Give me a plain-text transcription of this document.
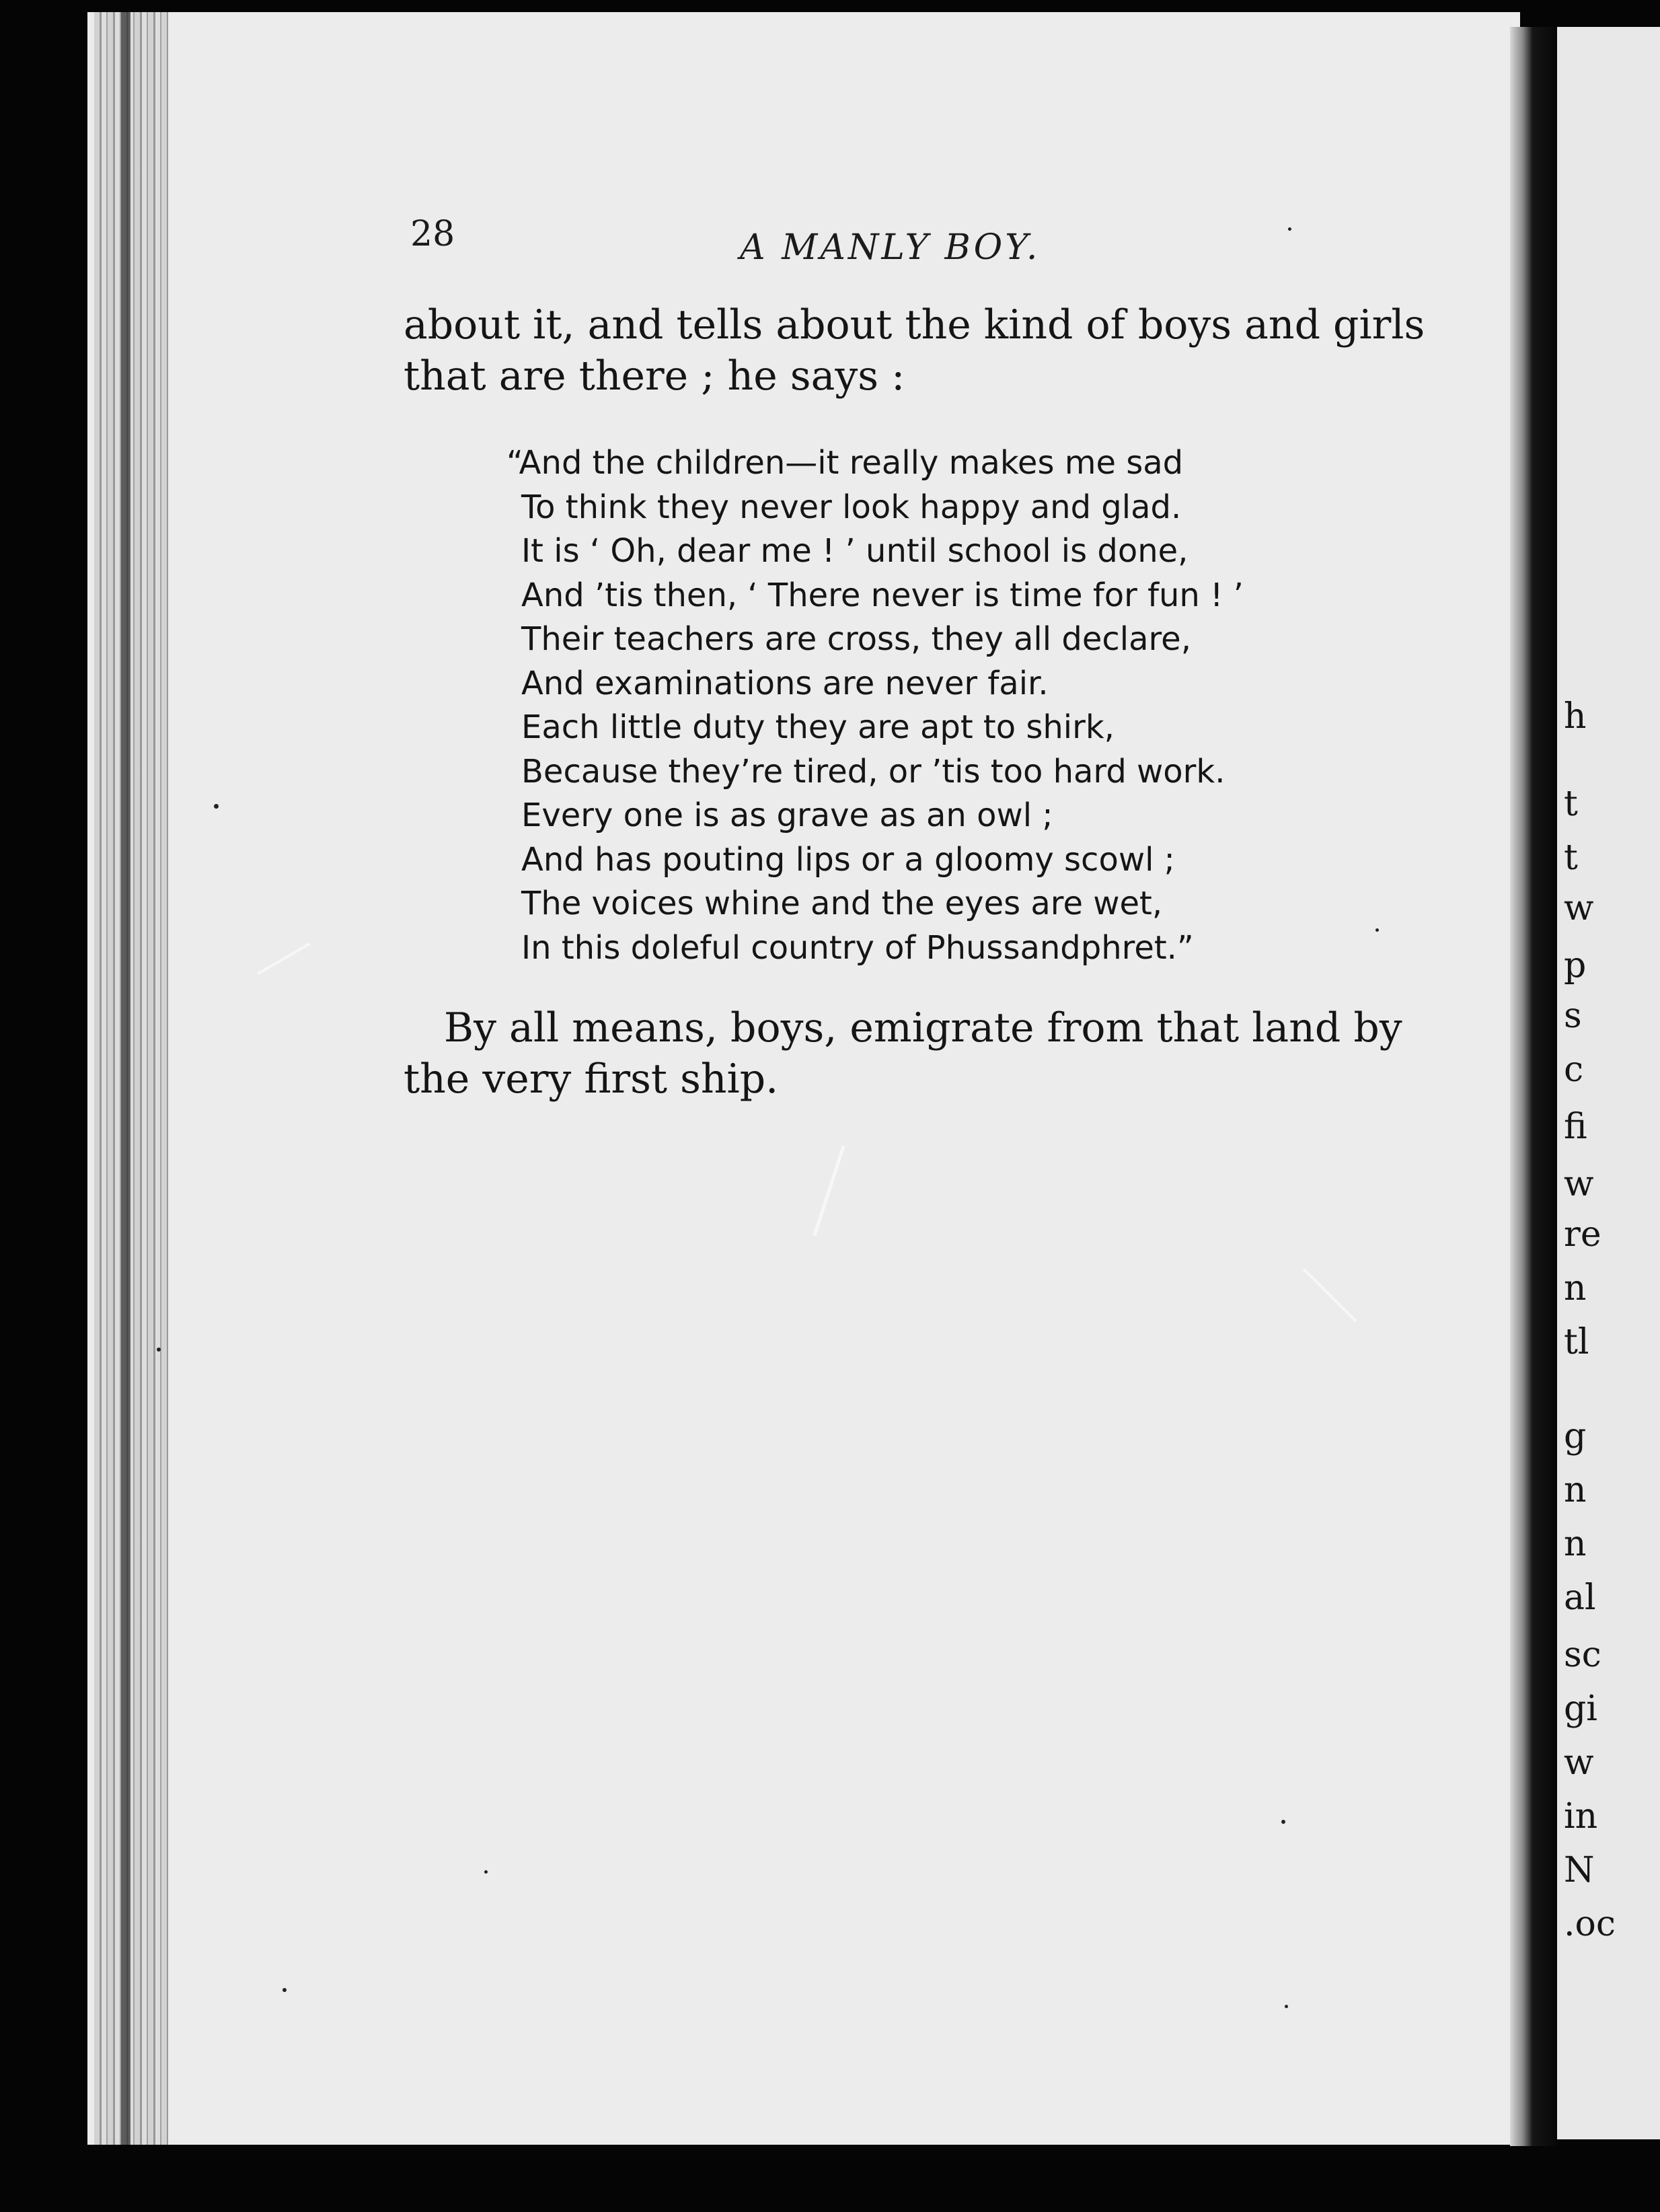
28	A MANLY BOY.
about it, and tells about the kind of boys and girls
that are there ; he says :
“And the children—it really makes me sad
To think they never look happy and glad.
It is ‘ Oh, dear me ! ’ until school is done,
And ’tis then, ‘ There never is time for fun ! ’
Their teachers are cross, they all declare,
And examinations are never fair.
Each little duty they are apt to shirk,
Because they’re tired, or ’tis too hard work.
Every one is as grave as an owl ;
And has pouting lips or a gloomy scowl ;
The voices whine and the eyes are wet,
In this doleful country of Phussandphret.”
By all means, boys, emigrate from that land by
the very first ship.
h
t
t
w
p
s
c
fi
w
re
n
tl
g
n
n
al
sc
gi
w
in
N
.oc
